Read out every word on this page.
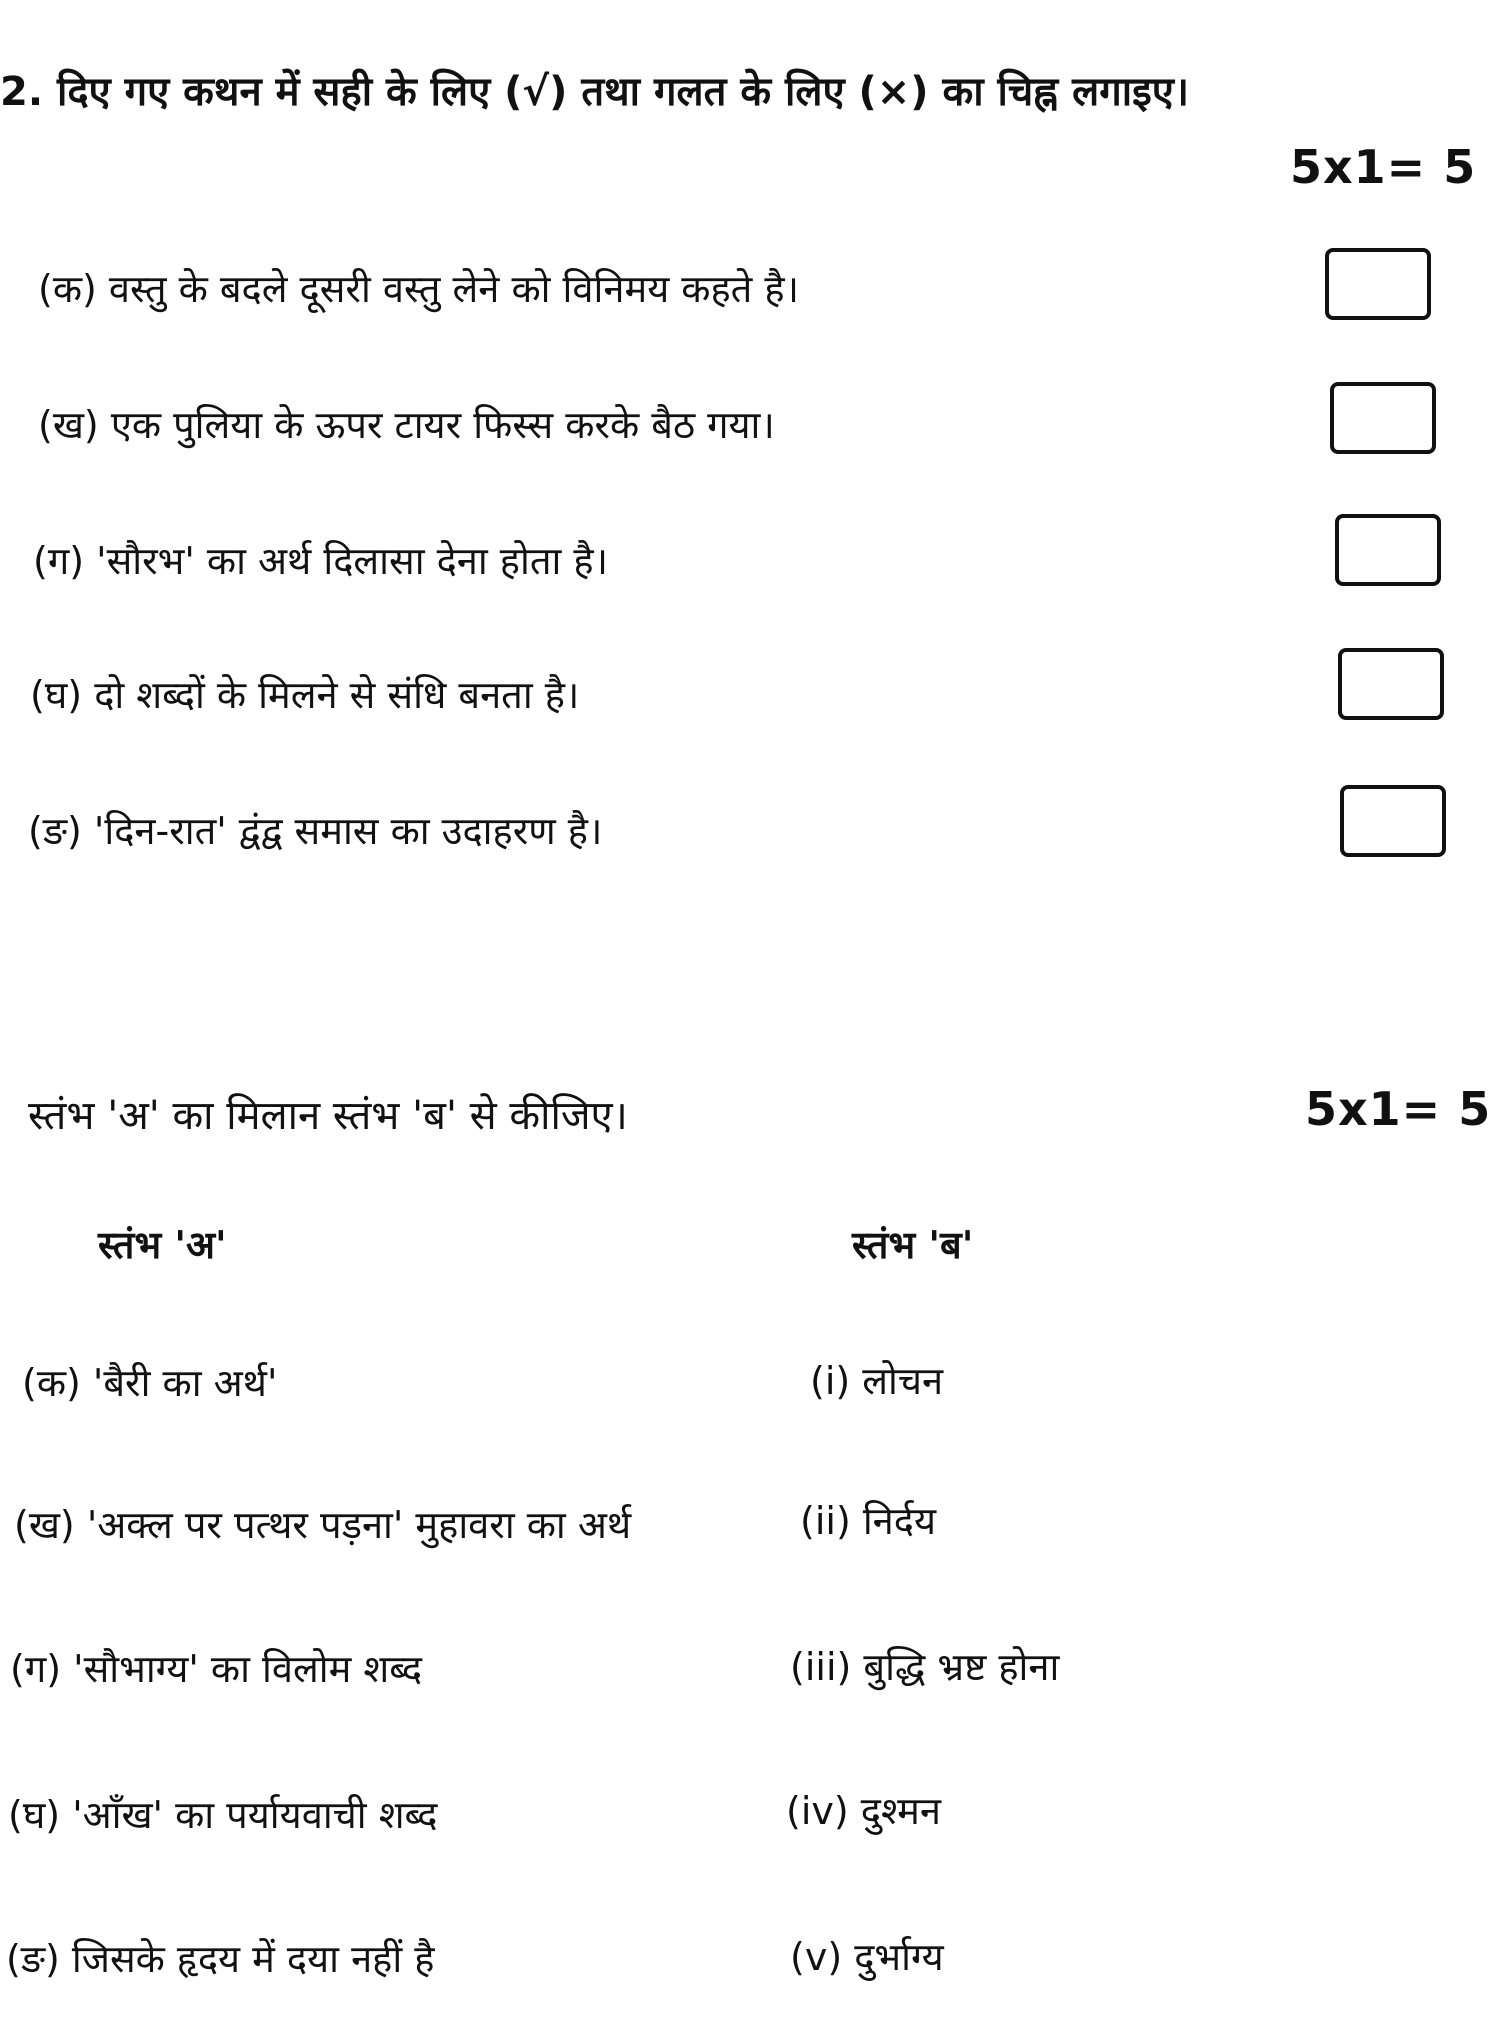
2. दिए गए कथन में सही के लिए (√) तथा गलत के लिए (×) का चिह्न लगाइए।
5x1= 5
(क) वस्तु के बदले दूसरी वस्तु लेने को विनिमय कहते है।
(ख) एक पुलिया के ऊपर टायर फिस्स करके बैठ गया।
(ग) 'सौरभ' का अर्थ दिलासा देना होता है।
(घ) दो शब्दों के मिलने से संधि बनता है।
(ङ) 'दिन-रात' द्वंद्व समास का उदाहरण है।
स्तंभ 'अ' का मिलान स्तंभ 'ब' से कीजिए।	5x1= 5
स्तंभ 'अ'	स्तंभ 'ब'
(क) 'बैरी का अर्थ'	(i) लोचन
(ख) 'अक्ल पर पत्थर पड़ना' मुहावरा का अर्थ	(ii) निर्दय
(ग) 'सौभाग्य' का विलोम शब्द	(iii) बुद्धि भ्रष्ट होना
(घ) 'आँख' का पर्यायवाची शब्द	(iv) दुश्मन
(ङ) जिसके हृदय में दया नहीं है	(v) दुर्भाग्य
